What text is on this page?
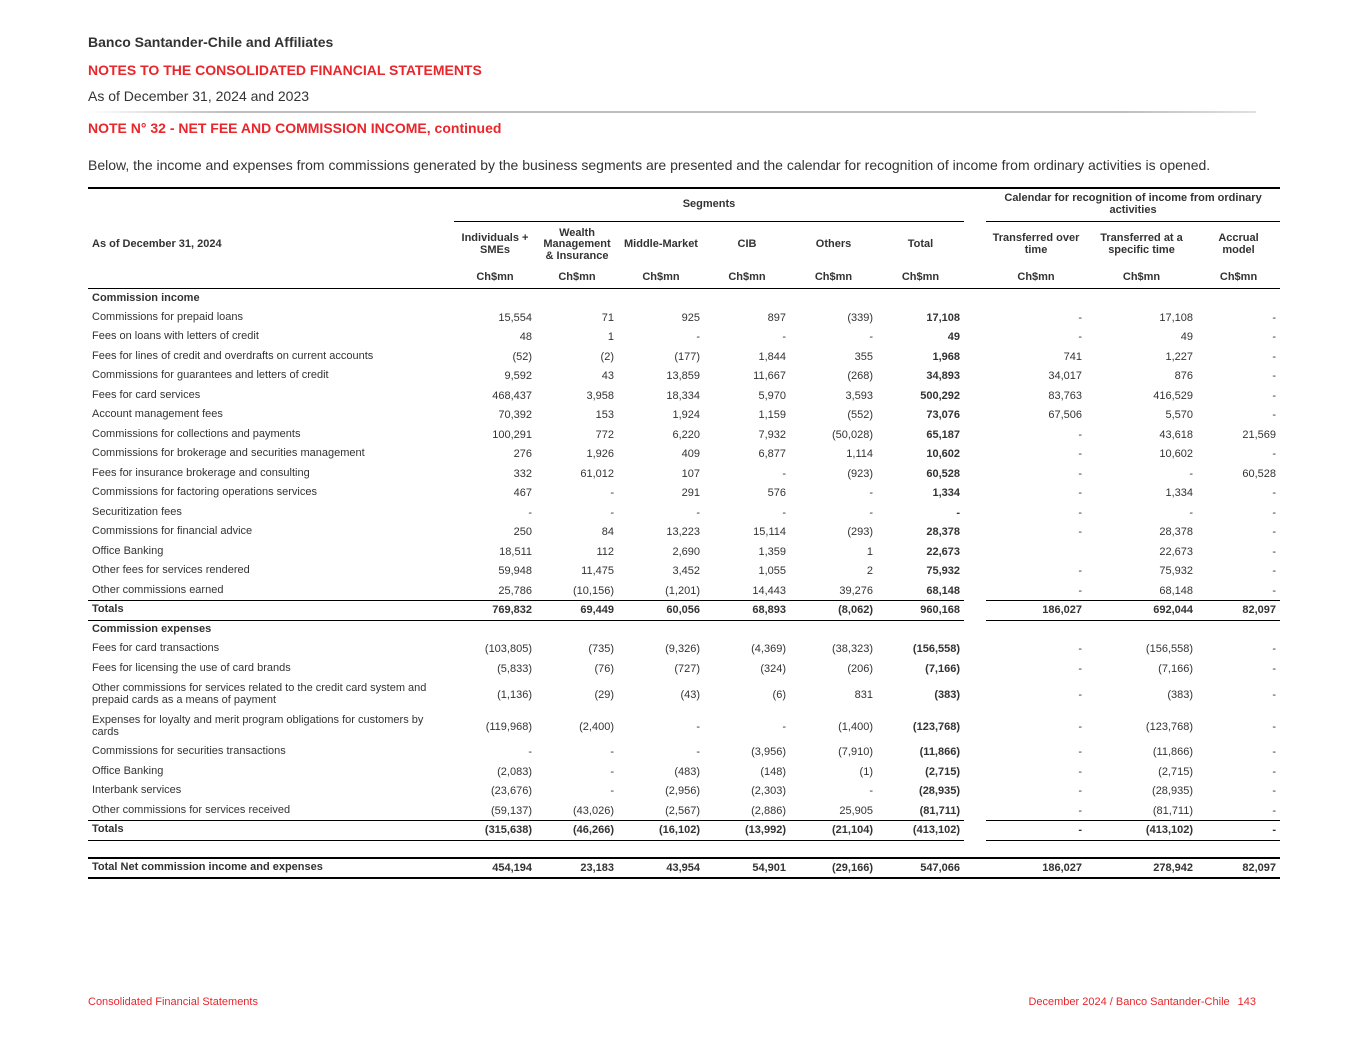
Banco Santander-Chile and Affiliates
NOTES TO THE CONSOLIDATED FINANCIAL STATEMENTS
As of December 31, 2024 and 2023
NOTE N° 32 - NET FEE AND COMMISSION INCOME, continued
Below, the income and expenses from commissions generated by the business segments are presented and the calendar for recognition of income from ordinary activities is opened.
	Segments							Calendar for recognition of income from ordinary activities		
As of December 31, 2024	Individuals + SMEs	Wealth Management & Insurance	Middle-Market	CIB	Others	Total		Transferred over time	Transferred at a specific time	Accrual model
	Ch$mn	Ch$mn	Ch$mn	Ch$mn	Ch$mn	Ch$mn		Ch$mn	Ch$mn	Ch$mn
Commission income										
Commissions for prepaid loans	15,554	71	925	897	(339)	17,108		-	17,108	-
Fees on loans with letters of credit	48	1	-	-	-	49		-	49	-
Fees for lines of credit and overdrafts on current accounts	(52)	(2)	(177)	1,844	355	1,968		741	1,227	-
Commissions for guarantees and letters of credit	9,592	43	13,859	11,667	(268)	34,893		34,017	876	-
Fees for card services	468,437	3,958	18,334	5,970	3,593	500,292		83,763	416,529	-
Account management fees	70,392	153	1,924	1,159	(552)	73,076		67,506	5,570	-
Commissions for collections and payments	100,291	772	6,220	7,932	(50,028)	65,187		-	43,618	21,569
Commissions for brokerage and securities management	276	1,926	409	6,877	1,114	10,602		-	10,602	-
Fees for insurance brokerage and consulting	332	61,012	107	-	(923)	60,528		-	-	60,528
Commissions for factoring operations services	467	-	291	576	-	1,334		-	1,334	-
Securitization fees	-	-	-	-	-	-		-	-	-
Commissions for financial advice	250	84	13,223	15,114	(293)	28,378		-	28,378	-
Office Banking	18,511	112	2,690	1,359	1	22,673			22,673	-
Other fees for services rendered	59,948	11,475	3,452	1,055	2	75,932		-	75,932	-
Other commissions earned	25,786	(10,156)	(1,201)	14,443	39,276	68,148		-	68,148	-
Totals	769,832	69,449	60,056	68,893	(8,062)	960,168		186,027	692,044	82,097
Commission expenses										
Fees for card transactions	(103,805)	(735)	(9,326)	(4,369)	(38,323)	(156,558)		-	(156,558)	-
Fees for licensing the use of card brands	(5,833)	(76)	(727)	(324)	(206)	(7,166)		-	(7,166)	-
Other commissions for services related to the credit card system and prepaid cards as a means of payment	(1,136)	(29)	(43)	(6)	831	(383)		-	(383)	-
Expenses for loyalty and merit program obligations for customers by cards	(119,968)	(2,400)	-	-	(1,400)	(123,768)		-	(123,768)	-
Commissions for securities transactions	-	-	-	(3,956)	(7,910)	(11,866)		-	(11,866)	-
Office Banking	(2,083)	-	(483)	(148)	(1)	(2,715)		-	(2,715)	-
Interbank services	(23,676)	-	(2,956)	(2,303)	-	(28,935)		-	(28,935)	-
Other commissions for services received	(59,137)	(43,026)	(2,567)	(2,886)	25,905	(81,711)		-	(81,711)	-
Totals	(315,638)	(46,266)	(16,102)	(13,992)	(21,104)	(413,102)		-	(413,102)	-

Total Net commission income and expenses	454,194	23,183	43,954	54,901	(29,166)	547,066		186,027	278,942	82,097
Consolidated Financial Statements	December 2024 / Banco Santander-Chile 143
